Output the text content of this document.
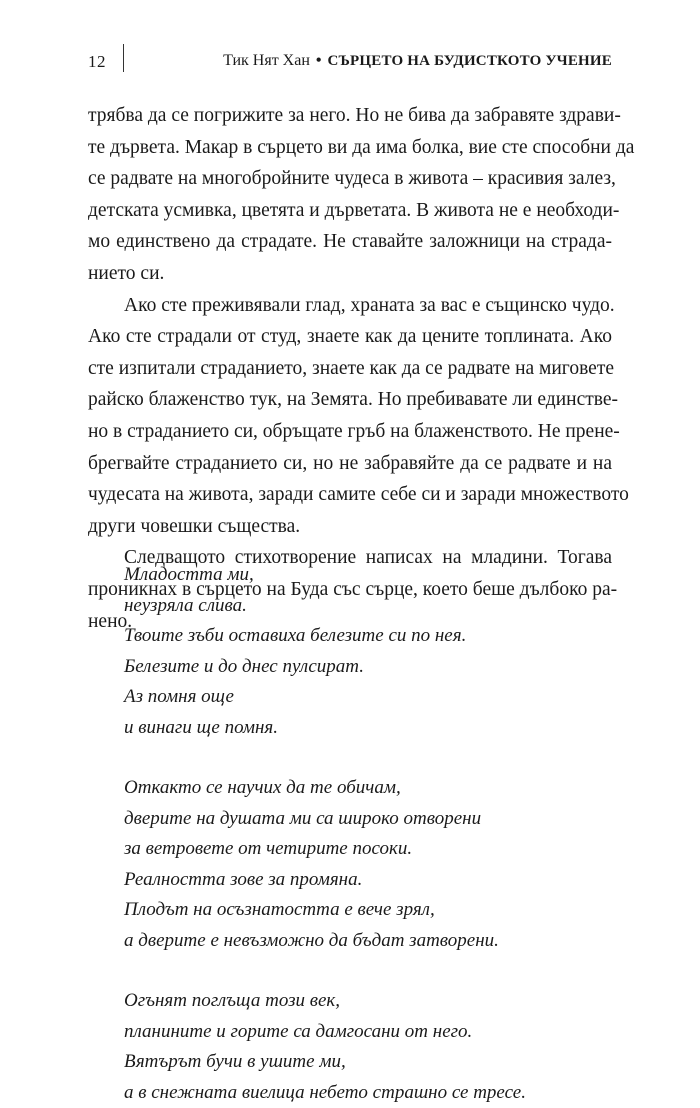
12	Тик Нят Хан • СЪРЦЕТО НА БУДИСТКОТО УЧЕНИЕ

трябва да се погрижите за него. Но не бива да забравяте здрави-
те дървета. Макар в сърцето ви да има болка, вие сте способни да
се радвате на многобройните чудеса в живота – красивия залез,
детската усмивка, цветята и дърветата. В живота не е необходи-
мо единствено да страдате. Не ставайте заложници на страда-
нието си.

Ако сте преживявали глад, храната за вас е същинско чудо.
Ако сте страдали от студ, знаете как да цените топлината. Ако
сте изпитали страданието, знаете как да се радвате на мигове​те
райско блаженство тук, на Земята. Но пребивавате ли единстве-
но в страданието си, обръщате гръб на блаженството. Не прене-
брегвайте страданието си, но не забравяйте да се радвате и на
чудесата на живота, заради самите себе си и заради множеството
други човешки същества.

Следващото стихотворение написах на младини. Тогава
проникнах в сърцето на Буда със сърце, което беше дълбоко ра-
нено.

Младостта ми,
неузряла слива.
Твоите зъби оставиха белезите си по нея.
Белезите и до днес пулсират.
Аз помня още
и винаги ще помня.

Откакто се научих да те обичам,
дверите на душата ми са широко отворени
за ветровете от четирите посоки.
Реалността зове за промяна.
Плодът на осъзнатостта е вече зрял,
а дверите е невъзможно да бъдат затворени.

Огънят поглъща този век,
планините и горите са дамгосани от него.
Вятърът бучи в ушите ми,
а в снежната виелица небето страшно се тресе.
